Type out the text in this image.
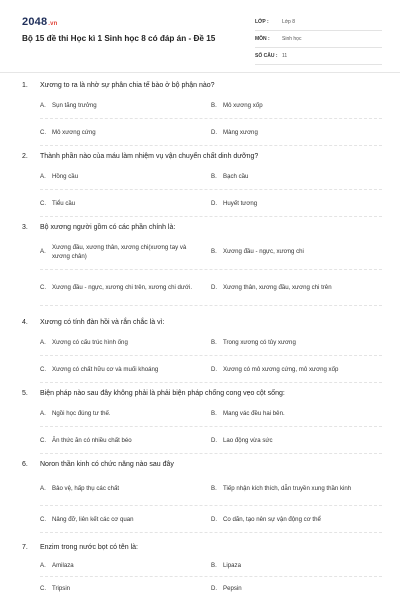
2048.vn
Bộ 15 đề thi Học kì 1 Sinh học 8 có đáp án - Đề 15
LỚP :	Lớp 8
MÔN :	Sinh học
SỐ CÂU : 11
1. Xương to ra là nhờ sự phân chia tế bào ở bộ phận nào?
A.	Sụn tăng trưởng	B.	Mô xương xốp
C. Mô xương cứng	D. Màng xương
2. Thành phần nào của máu làm nhiệm vụ vận chuyển chất dinh dưỡng?
A.	Hồng cầu	B.	Bạch cầu
C. Tiểu cầu	D. Huyết tương
3. Bộ xương người gồm có các phần chính là:
A.
Xương đầu, xương thân, xương chi(xương tay và xương chân)
B.	Xương đầu - ngực, xương chi
C. Xương đầu - ngực, xương chi trên, xương chi dưới.	D. Xương thân, xương đầu, xương chi trên
4. Xương có tính đàn hồi và rắn chắc là vì:
A.	Xương có cấu trúc hình ống	B.	Trong xương có tủy xương
C. Xương có chất hữu cơ và muối khoáng	D. Xương có mô xương cứng, mô xương xốp
5. Biện pháp nào sau đây không phải là phải biện pháp chống cong vẹo cột sống:
A.	Ngồi học đúng tư thế.	B.	Mang vác đều hai bên.
C. Ăn thức ăn có nhiều chất béo	D. Lao động vừa sức
6. Noron thần kinh có chức năng nào sau đây
A.	Bảo vệ, hấp thụ các chất	B.	Tiếp nhận kích thích, dẫn truyền xung thần kinh
C. Nâng đỡ, liên kết các cơ quan	D. Co dãn, tạo nên sự vận động cơ thể
7. Enzim trong nước bọt có tên là:
A.	Amilaza	B.	Lipaza
C. Tripsin	D. Pepsin
